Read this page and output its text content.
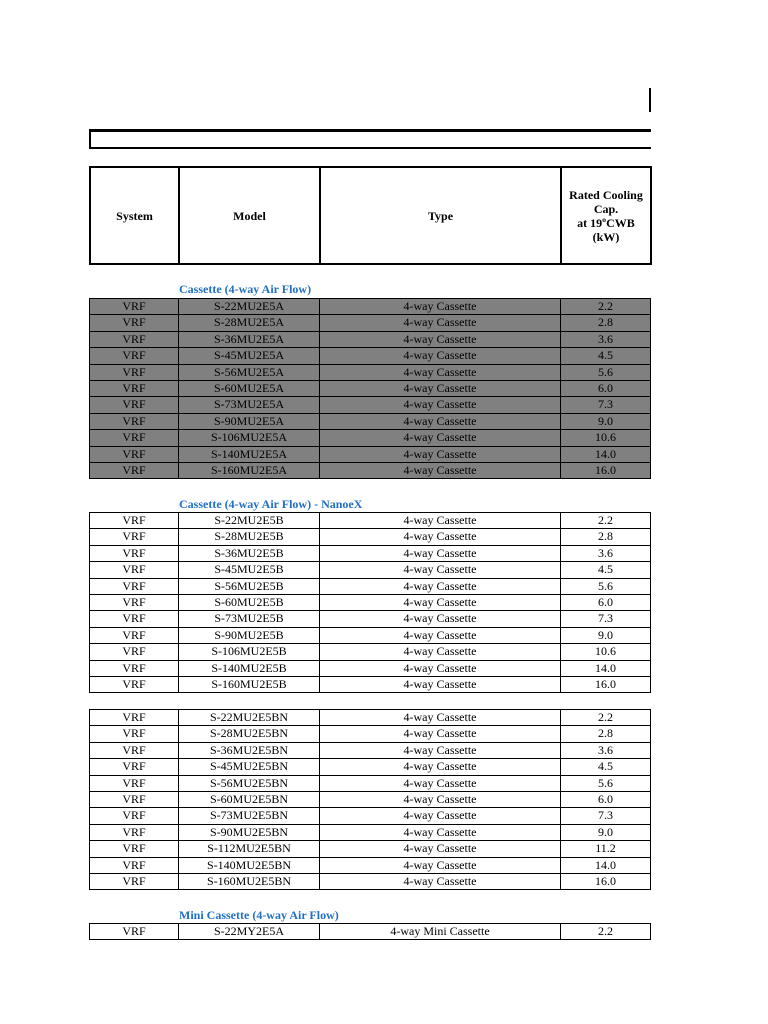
System	Model	Type	Rated Cooling
Cap.
at 19ºCWB
(kW)
Cassette (4-way Air Flow)
VRF	S-22MU2E5A	4-way Cassette	2.2
VRF	S-28MU2E5A	4-way Cassette	2.8
VRF	S-36MU2E5A	4-way Cassette	3.6
VRF	S-45MU2E5A	4-way Cassette	4.5
VRF	S-56MU2E5A	4-way Cassette	5.6
VRF	S-60MU2E5A	4-way Cassette	6.0
VRF	S-73MU2E5A	4-way Cassette	7.3
VRF	S-90MU2E5A	4-way Cassette	9.0
VRF	S-106MU2E5A	4-way Cassette	10.6
VRF	S-140MU2E5A	4-way Cassette	14.0
VRF	S-160MU2E5A	4-way Cassette	16.0
Cassette (4-way Air Flow) - NanoeX
VRF	S-22MU2E5B	4-way Cassette	2.2
VRF	S-28MU2E5B	4-way Cassette	2.8
VRF	S-36MU2E5B	4-way Cassette	3.6
VRF	S-45MU2E5B	4-way Cassette	4.5
VRF	S-56MU2E5B	4-way Cassette	5.6
VRF	S-60MU2E5B	4-way Cassette	6.0
VRF	S-73MU2E5B	4-way Cassette	7.3
VRF	S-90MU2E5B	4-way Cassette	9.0
VRF	S-106MU2E5B	4-way Cassette	10.6
VRF	S-140MU2E5B	4-way Cassette	14.0
VRF	S-160MU2E5B	4-way Cassette	16.0
VRF	S-22MU2E5BN	4-way Cassette	2.2
VRF	S-28MU2E5BN	4-way Cassette	2.8
VRF	S-36MU2E5BN	4-way Cassette	3.6
VRF	S-45MU2E5BN	4-way Cassette	4.5
VRF	S-56MU2E5BN	4-way Cassette	5.6
VRF	S-60MU2E5BN	4-way Cassette	6.0
VRF	S-73MU2E5BN	4-way Cassette	7.3
VRF	S-90MU2E5BN	4-way Cassette	9.0
VRF	S-112MU2E5BN	4-way Cassette	11.2
VRF	S-140MU2E5BN	4-way Cassette	14.0
VRF	S-160MU2E5BN	4-way Cassette	16.0
Mini Cassette (4-way Air Flow)
VRF	S-22MY2E5A	4-way Mini Cassette	2.2
